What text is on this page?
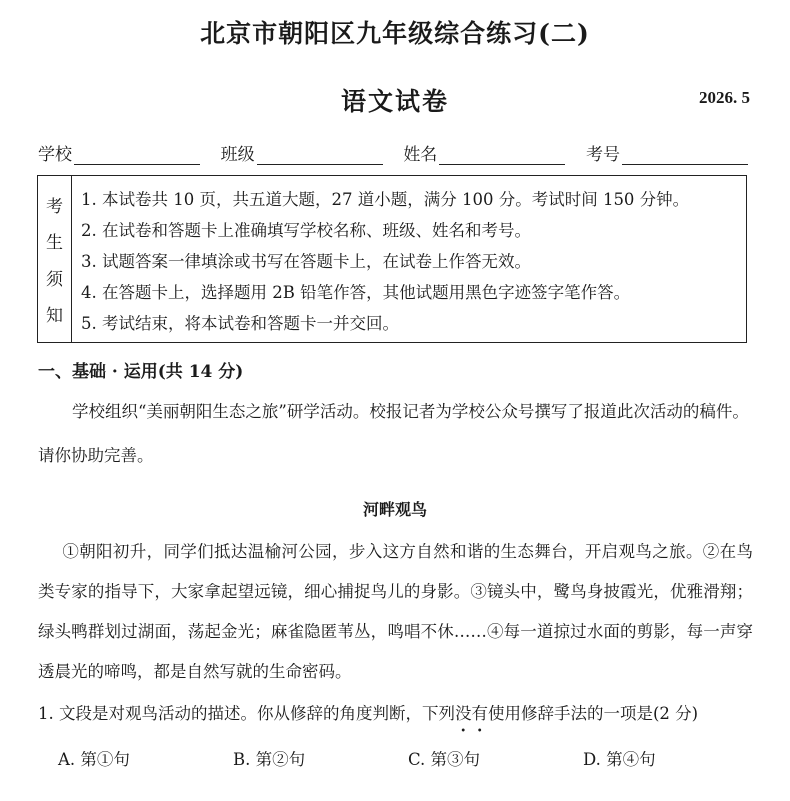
北京市朝阳区九年级综合练习(二)
语文试卷	2026. 5
学校	班级	姓名	考号
考
生
须
知
1. 本试卷共 10 页，共五道大题，27 道小题，满分 100 分。考试时间 150 分钟。
2. 在试卷和答题卡上准确填写学校名称、班级、姓名和考号。
3. 试题答案一律填涂或书写在答题卡上，在试卷上作答无效。
4. 在答题卡上，选择题用 2B 铅笔作答，其他试题用黑色字迹签字笔作答。
5. 考试结束，将本试卷和答题卡一并交回。
一、基础 · 运用(共 14 分)
学校组织“美丽朝阳生态之旅”研学活动。校报记者为学校公众号撰写了报道此次活动的稿件。请你协助完善。
河畔观鸟
①朝阳初升，同学们抵达温榆河公园，步入这方自然和谐的生态舞台，开启观鸟之旅。②在鸟类专家的指导下，大家拿起望远镜，细心捕捉鸟儿的身影。③镜头中，鹭鸟身披霞光，优雅滑翔；绿头鸭群划过湖面，荡起金光；麻雀隐匿苇丛，鸣唱不休……④每一道掠过水面的剪影，每一声穿透晨光的啼鸣，都是自然写就的生命密码。
1. 文段是对观鸟活动的描述。你从修辞的角度判断，下列没有使用修辞手法的一项是(2 分)
A. 第①句	B. 第②句	C. 第③句	D. 第④句
